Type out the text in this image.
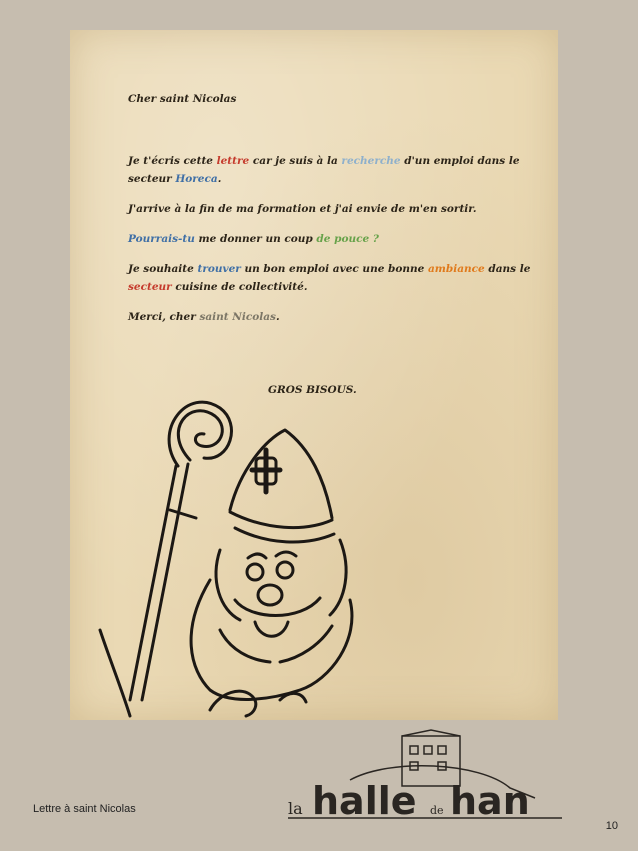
Cher saint Nicolas

Je t'écris cette lettre car je suis à la recherche d'un emploi dans le secteur Horeca.

J'arrive à la fin de ma formation et j'ai envie de m'en sortir.

Pourrais-tu me donner un coup de pouce ?

Je souhaite trouver un bon emploi avec une bonne ambiance dans le secteur cuisine de collectivité.

Merci, cher saint Nicolas.

GROS BISOUS.
la halle de han
Lettre à saint Nicolas
10
